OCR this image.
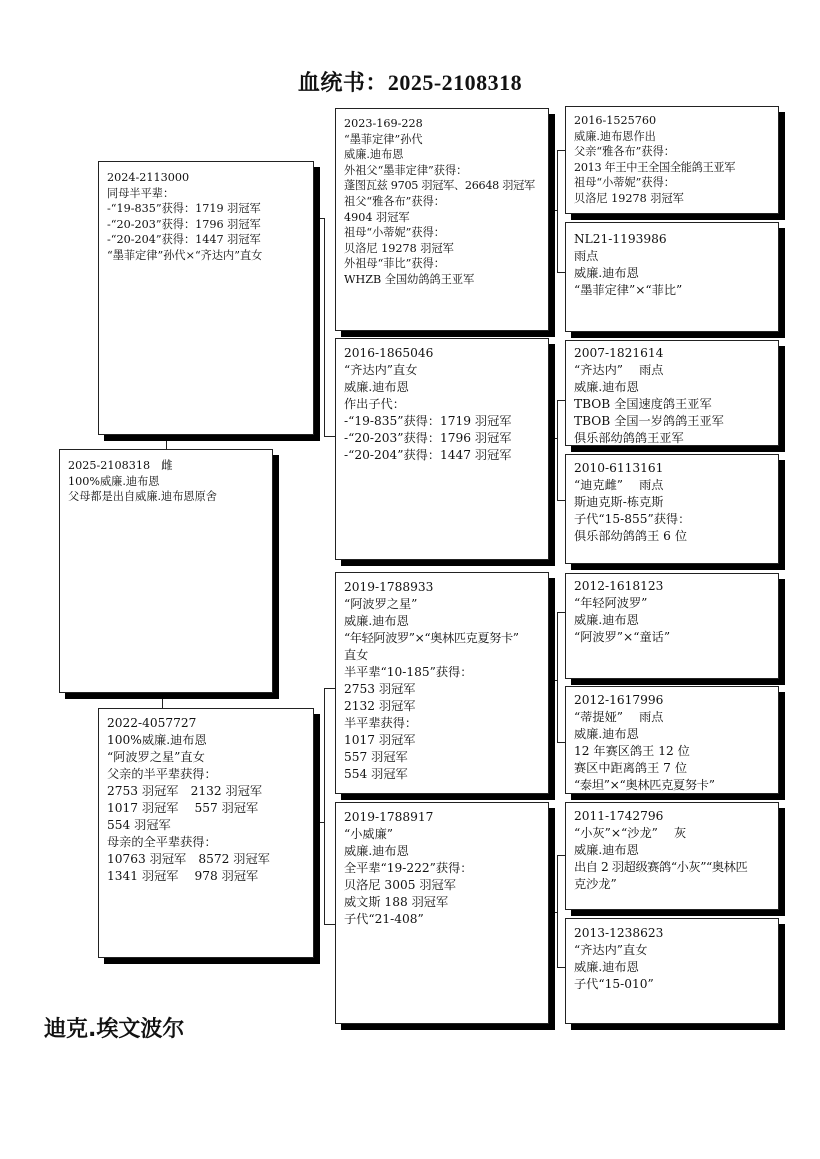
血统书：2025-2108318
2025-2108318　雌
100%威廉.迪布恩
父母都是出自威廉.迪布恩原舍
2024-2113000
同母半平辈：
-“19-835”获得：1719 羽冠军
-“20-203”获得：1796 羽冠军
-“20-204”获得：1447 羽冠军
“墨菲定律”孙代×“齐达内”直女
2022-4057727
100%威廉.迪布恩
“阿波罗之星”直女
父亲的半平辈获得：
2753 羽冠军　2132 羽冠军
1017 羽冠军　 557 羽冠军
554 羽冠军
母亲的全平辈获得：
10763 羽冠军　8572 羽冠军
1341 羽冠军　 978 羽冠军
2023-169-228
“墨菲定律”孙代
威廉.迪布恩
外祖父“墨菲定律”获得：
蓬图瓦兹 9705 羽冠军、26648 羽冠军
祖父“雅各布”获得：
4904 羽冠军
祖母“小蒂妮”获得：
贝洛尼 19278 羽冠军
外祖母“菲比”获得：
WHZB 全国幼鸽鸽王亚军
2016-1865046
“齐达内”直女
威廉.迪布恩
作出子代：
-“19-835”获得：1719 羽冠军
-“20-203”获得：1796 羽冠军
-“20-204”获得：1447 羽冠军
2019-1788933
“阿波罗之星”
威廉.迪布恩
“年轻阿波罗”×“奥林匹克夏努卡”
直女
半平辈“10-185”获得：
2753 羽冠军
2132 羽冠军
半平辈获得：
1017 羽冠军
557 羽冠军
554 羽冠军
2019-1788917
“小威廉”
威廉.迪布恩
全平辈“19-222”获得：
贝洛尼 3005 羽冠军
威文斯 188 羽冠军
子代“21-408”
2016-1525760
威廉.迪布恩作出
父亲“雅各布”获得：
2013 年王中王全国全能鸽王亚军
祖母“小蒂妮”获得：
贝洛尼 19278 羽冠军
NL21-1193986
雨点
威廉.迪布恩
“墨菲定律”×“菲比”
2007-1821614
“齐达内”　 雨点
威廉.迪布恩
TBOB 全国速度鸽王亚军
TBOB 全国一岁鸽鸽王亚军
俱乐部幼鸽鸽王亚军
2010-6113161
“迪克雌”　 雨点
斯迪克斯-栋克斯
子代“15-855”获得：
俱乐部幼鸽鸽王 6 位
2012-1618123
“年轻阿波罗”
威廉.迪布恩
“阿波罗”×“童话”
2012-1617996
“蒂提娅”　 雨点
威廉.迪布恩
12 年赛区鸽王 12 位
赛区中距离鸽王 7 位
“泰坦”×“奥林匹克夏努卡”
2011-1742796
“小灰”×“沙龙”　 灰
威廉.迪布恩
出自 2 羽超级赛鸽“小灰”“奥林匹
克沙龙”
2013-1238623
“齐达内”直女
威廉.迪布恩
子代“15-010”
迪克.埃文波尔
